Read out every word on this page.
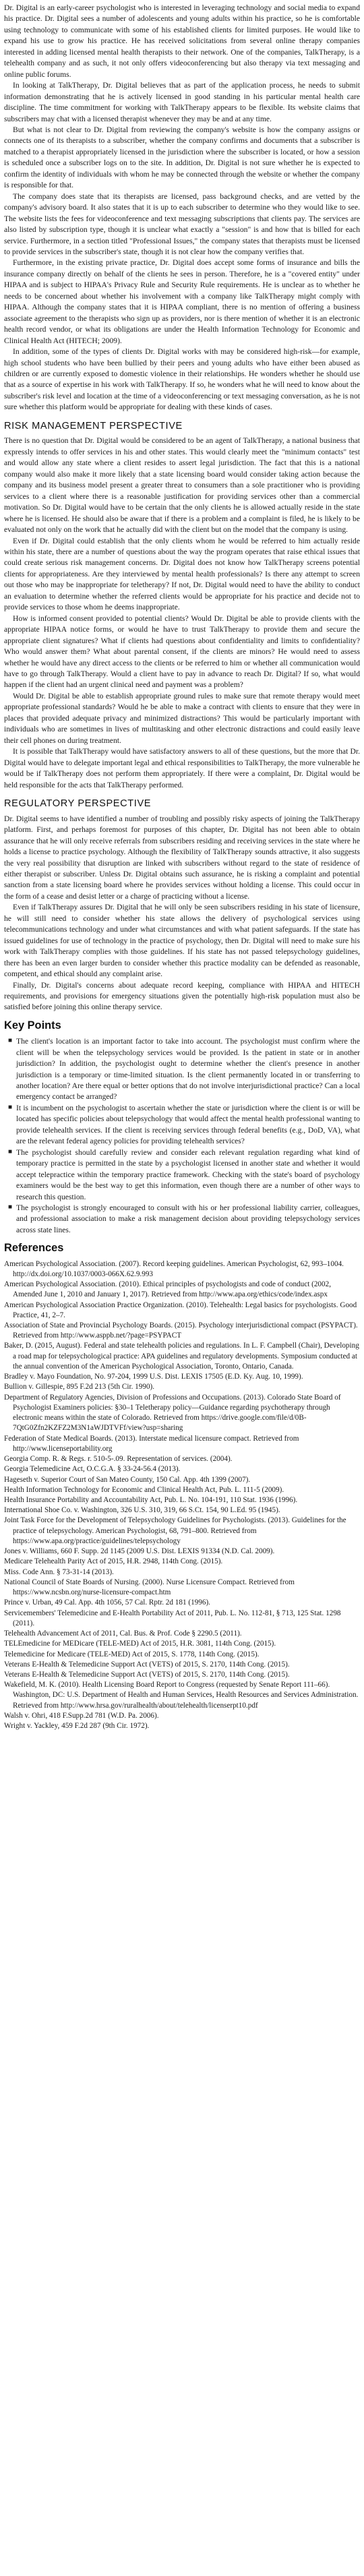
Dr. Digital is an early-career psychologist who is interested in leveraging technology and social media to expand his practice. Dr. Digital sees a number of adolescents and young adults within his practice, so he is comfortable using technology to communicate with some of his established clients for limited purposes. He would like to expand his use to grow his practice. He has received solicitations from several online therapy companies interested in adding licensed mental health therapists to their network. One of the companies, TalkTherapy, is a telehealth company and as such, it not only offers videoconferencing but also therapy via text messaging and online public forums.

In looking at TalkTherapy, Dr. Digital believes that as part of the application process, he needs to submit information demonstrating that he is actively licensed in good standing in his particular mental health care discipline. The time commitment for working with TalkTherapy appears to be flexible. Its website claims that subscribers may chat with a licensed therapist whenever they may be and at any time.

But what is not clear to Dr. Digital from reviewing the company's website is how the company assigns or connects one of its therapists to a subscriber, whether the company confirms and documents that a subscriber is matched to a therapist appropriately licensed in the jurisdiction where the subscriber is located, or how a session is scheduled once a subscriber logs on to the site. In addition, Dr. Digital is not sure whether he is expected to confirm the identity of individuals with whom he may be connected through the website or whether the company is responsible for that.

The company does state that its therapists are licensed, pass background checks, and are vetted by the company's advisory board. It also states that it is up to each subscriber to determine who they would like to see. The website lists the fees for videoconference and text messaging subscriptions that clients pay. The services are also listed by subscription type, though it is unclear what exactly a "session" is and how that is billed for each service. Furthermore, in a section titled "Professional Issues," the company states that therapists must be licensed to provide services in the subscriber's state, though it is not clear how the company verifies that.

Furthermore, in the existing private practice, Dr. Digital does accept some forms of insurance and bills the insurance company directly on behalf of the clients he sees in person. Therefore, he is a "covered entity" under HIPAA and is subject to HIPAA's Privacy Rule and Security Rule requirements. He is unclear as to whether he needs to be concerned about whether his involvement with a company like TalkTherapy might comply with HIPAA. Although the company states that it is HIPAA compliant, there is no mention of offering a business associate agreement to the therapists who sign up as providers, nor is there mention of whether it is an electronic health record vendor, or what its obligations are under the Health Information Technology for Economic and Clinical Health Act (HITECH; 2009).

In addition, some of the types of clients Dr. Digital works with may be considered high-risk—for example, high school students who have been bullied by their peers and young adults who have either been abused as children or are currently exposed to domestic violence in their relationships. He wonders whether he should use that as a source of expertise in his work with TalkTherapy. If so, he wonders what he will need to know about the subscriber's risk level and location at the time of a videoconferencing or text messaging conversation, as he is not sure whether this platform would be appropriate for dealing with these kinds of cases.

RISK MANAGEMENT PERSPECTIVE

There is no question that Dr. Digital would be considered to be an agent of TalkTherapy, a national business that expressly intends to offer services in his and other states. This would clearly meet the "minimum contacts" test and would allow any state where a client resides to assert legal jurisdiction. The fact that this is a national company would also make it more likely that a state licensing board would consider taking action because the company and its business model present a greater threat to consumers than a sole practitioner who is providing services to a client where there is a reasonable justification for providing services other than a commercial motivation. So Dr. Digital would have to be certain that the only clients he is allowed actually reside in the state where he is licensed. He should also be aware that if there is a problem and a complaint is filed, he is likely to be evaluated not only on the work that he actually did with the client but on the model that the company is using.

Even if Dr. Digital could establish that the only clients whom he would be referred to him actually reside within his state, there are a number of questions about the way the program operates that raise ethical issues that could create serious risk management concerns. Dr. Digital does not know how TalkTherapy screens potential clients for appropriateness. Are they interviewed by mental health professionals? Is there any attempt to screen out those who may be inappropriate for teletherapy? If not, Dr. Digital would need to have the ability to conduct an evaluation to determine whether the referred clients would be appropriate for his practice and decide not to provide services to those whom he deems inappropriate.

How is informed consent provided to potential clients? Would Dr. Digital be able to provide clients with the appropriate HIPAA notice forms, or would he have to trust TalkTherapy to provide them and secure the appropriate client signatures? What if clients had questions about confidentiality and limits to confidentiality? Who would answer them? What about parental consent, if the clients are minors? He would need to assess whether he would have any direct access to the clients or be referred to him or whether all communication would have to go through TalkTherapy. Would a client have to pay in advance to reach Dr. Digital? If so, what would happen if the client had an urgent clinical need and payment was a problem?

Would Dr. Digital be able to establish appropriate ground rules to make sure that remote therapy would meet appropriate professional standards? Would he be able to make a contract with clients to ensure that they were in places that provided adequate privacy and minimized distractions? This would be particularly important with individuals who are sometimes in lives of multitasking and other electronic distractions and could easily leave their cell phones on during treatment.

It is possible that TalkTherapy would have satisfactory answers to all of these questions, but the more that Dr. Digital would have to delegate important legal and ethical responsibilities to TalkTherapy, the more vulnerable he would be if TalkTherapy does not perform them appropriately. If there were a complaint, Dr. Digital would be held responsible for the acts that TalkTherapy performed.

REGULATORY PERSPECTIVE

Dr. Digital seems to have identified a number of troubling and possibly risky aspects of joining the TalkTherapy platform. First, and perhaps foremost for purposes of this chapter, Dr. Digital has not been able to obtain assurance that he will only receive referrals from subscribers residing and receiving services in the state where he holds a license to practice psychology. Although the flexibility of TalkTherapy sounds attractive, it also suggests the very real possibility that disruption are linked with subscribers without regard to the state of residence of either therapist or subscriber. Unless Dr. Digital obtains such assurance, he is risking a complaint and potential sanction from a state licensing board where he provides services without holding a license. This could occur in the form of a cease and desist letter or a charge of practicing without a license.

Even if TalkTherapy assures Dr. Digital that he will only be seen subscribers residing in his state of licensure, he will still need to consider whether his state allows the delivery of psychological services using telecommunications technology and under what circumstances and with what patient safeguards. If the state has issued guidelines for use of technology in the practice of psychology, then Dr. Digital will need to make sure his work with TalkTherapy complies with those guidelines. If his state has not passed telepsychology guidelines, there has been an even larger burden to consider whether this practice modality can be defended as reasonable, competent, and ethical should any complaint arise.

Finally, Dr. Digital's concerns about adequate record keeping, compliance with HIPAA and HITECH requirements, and provisions for emergency situations given the potentially high-risk population must also be satisfied before joining this online therapy service.

Key Points
■ The client's location is an important factor to take into account. The psychologist must confirm where the client will be when the telepsychology services would be provided. Is the patient in state or in another jurisdiction? In addition, the psychologist ought to determine whether the client's presence in another jurisdiction is a temporary or time-limited situation. Is the client permanently located in or transferring to another location? Are there equal or better options that do not involve interjurisdictional practice? Can a local emergency contact be arranged?
■ It is incumbent on the psychologist to ascertain whether the state or jurisdiction where the client is or will be located has specific policies about telepsychology that would affect the mental health professional wanting to provide telehealth services. If the client is receiving services through federal benefits (e.g., DoD, VA), what are the relevant federal agency policies for providing telehealth services?
■ The psychologist should carefully review and consider each relevant regulation regarding what kind of temporary practice is permitted in the state by a psychologist licensed in another state and whether it would accept telepractice within the temporary practice framework. Checking with the state's board of psychology examiners would be the best way to get this information, even though there are a number of other ways to research this question.
■ The psychologist is strongly encouraged to consult with his or her professional liability carrier, colleagues, and professional association to make a risk management decision about providing telepsychology services across state lines.
References
American Psychological Association. (2007). Record keeping guidelines. American Psychologist, 62, 993–1004. http://dx.doi.org/10.1037/0003-066X.62.9.993
American Psychological Association. (2010). Ethical principles of psychologists and code of conduct (2002, Amended June 1, 2010 and January 1, 2017). Retrieved from http://www.apa.org/ethics/code/index.aspx
American Psychological Association Practice Organization. (2010). Telehealth: Legal basics for psychologists. Good Practice, 41, 2–7.
Association of State and Provincial Psychology Boards. (2015). Psychology interjurisdictional compact (PSYPACT). Retrieved from http://www.asppb.net/?page=PSYPACT
Baker, D. (2015, August). Federal and state telehealth policies and regulations. In L. F. Campbell (Chair), Developing a road map for telepsychological practice: APA guidelines and regulatory developments. Symposium conducted at the annual convention of the American Psychological Association, Toronto, Ontario, Canada.
Bradley v. Mayo Foundation, No. 97-204, 1999 U.S. Dist. LEXIS 17505 (E.D. Ky. Aug. 10, 1999).
Bullion v. Gillespie, 895 F.2d 213 (5th Cir. 1990).
Department of Regulatory Agencies, Division of Professions and Occupations. (2013). Colorado State Board of Psychologist Examiners policies: §30–1 Teletherapy policy—Guidance regarding psychotherapy through electronic means within the state of Colorado. Retrieved from https://drive.google.com/file/d/0B-7QtG0Zfn2KZFZ2M3N1aWJDTVFf/view?usp=sharing
Federation of State Medical Boards. (2013). Interstate medical licensure compact. Retrieved from http://www.licenseportability.org
Georgia Comp. R. & Regs. r. 510-5-.09. Representation of services. (2004).
Georgia Telemedicine Act, O.C.G.A. § 33-24-56.4 (2013).
Hageseth v. Superior Court of San Mateo County, 150 Cal. App. 4th 1399 (2007).
Health Information Technology for Economic and Clinical Health Act, Pub. L. 111-5 (2009).
Health Insurance Portability and Accountability Act, Pub. L. No. 104-191, 110 Stat. 1936 (1996).
International Shoe Co. v. Washington, 326 U.S. 310, 319, 66 S.Ct. 154, 90 L.Ed. 95 (1945).
Joint Task Force for the Development of Telepsychology Guidelines for Psychologists. (2013). Guidelines for the practice of telepsychology. American Psychologist, 68, 791–800. Retrieved from https://www.apa.org/practice/guidelines/telepsychology
Jones v. Williams, 660 F. Supp. 2d 1145 (2009 U.S. Dist. LEXIS 91334 (N.D. Cal. 2009).
Medicare Telehealth Parity Act of 2015, H.R. 2948, 114th Cong. (2015).
Miss. Code Ann. § 73-31-14 (2013).
National Council of State Boards of Nursing. (2000). Nurse Licensure Compact. Retrieved from https://www.ncsbn.org/nurse-licensure-compact.htm
Prince v. Urban, 49 Cal. App. 4th 1056, 57 Cal. Rptr. 2d 181 (1996).
Servicemembers' Telemedicine and E-Health Portability Act of 2011, Pub. L. No. 112-81, § 713, 125 Stat. 1298 (2011).
Telehealth Advancement Act of 2011, Cal. Bus. & Prof. Code § 2290.5 (2011).
TELEmedicine for MEDicare (TELE-MED) Act of 2015, H.R. 3081, 114th Cong. (2015).
Telemedicine for Medicare (TELE-MED) Act of 2015, S. 1778, 114th Cong. (2015).
Veterans E-Health & Telemedicine Support Act (VETS) of 2015, S. 2170, 114th Cong. (2015).
Veterans E-Health & Telemedicine Support Act (VETS) of 2015, S. 2170, 114th Cong. (2015).
Wakefield, M. K. (2010). Health Licensing Board Report to Congress (requested by Senate Report 111–66). Washington, DC: U.S. Department of Health and Human Services, Health Resources and Services Administration. Retrieved from http://www.hrsa.gov/ruralhealth/about/telehealth/licenserpt10.pdf
Walsh v. Ohri, 418 F.Supp.2d 781 (W.D. Pa. 2006).
Wright v. Yackley, 459 F.2d 287 (9th Cir. 1972).
